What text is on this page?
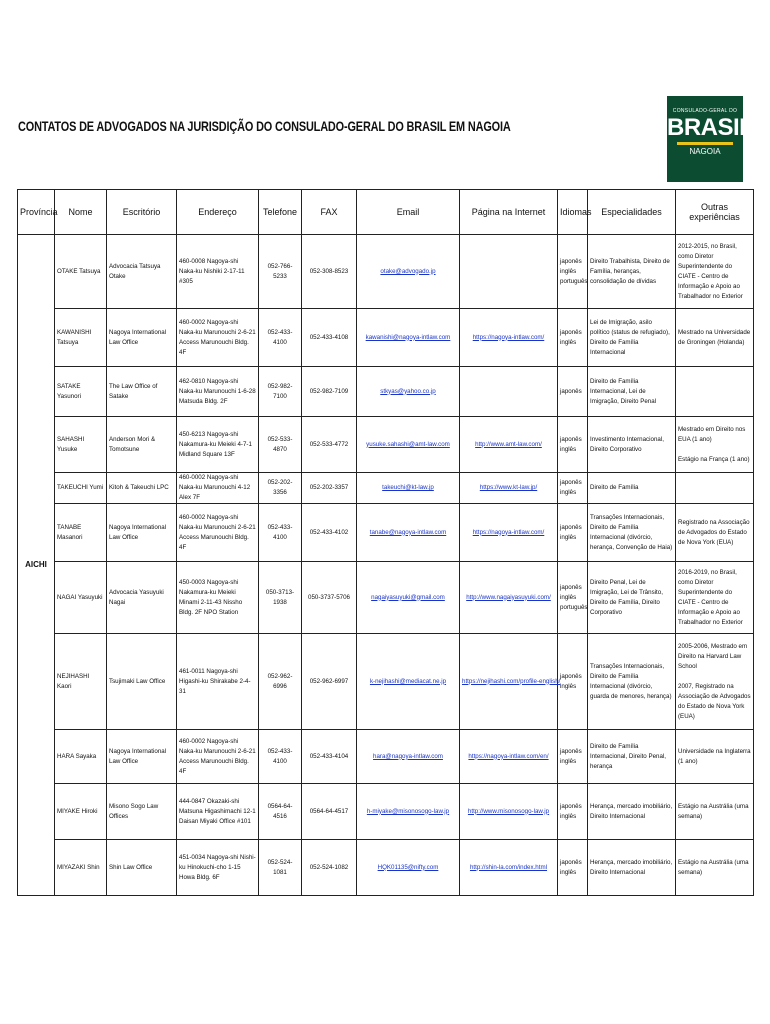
CONTATOS DE ADVOGADOS NA JURISDIÇÃO DO CONSULADO-GERAL DO BRASIL EM NAGOIA
CONSULADO-GERAL DO
BRASIL
NAGOIA
Província	Nome	Escritório	Endereço	Telefone	FAX	Email	Página na Internet	Idiomas	Especialidades	Outras experiências
AICHI	OTAKE Tatsuya	Advocacia Tatsuya Otake	460-0008 Nagoya-shi Naka-ku Nishiki 2-17-11 #305	052-766-5233	052-308-8523	otake@advogado.jp		japonês inglês português	Direito Trabalhista, Direito de Família, heranças, consolidação de dívidas	2012-2015, no Brasil, como Diretor Superintendente do CIATE - Centro de Informação e Apoio ao Trabalhador no Exterior
	KAWANISHI Tatsuya	Nagoya International Law Office	460-0002 Nagoya-shi Naka-ku Marunouchi 2-6-21 Access Marunouchi Bldg. 4F	052-433-4100	052-433-4108	kawanishi@nagoya-intlaw.com	https://nagoya-intlaw.com/	japonês inglês	Lei de Imigração, asilo político (status de refugiado), Direito de Família Internacional	Mestrado na Universidade de Groningen (Holanda)
	SATAKE Yasunori	The Law Office of Satake	462-0810 Nagoya-shi Naka-ku Marunouchi 1-6-28 Matsuda Bldg. 2F	052-982-7100	052-982-7109	stkyas@yahoo.co.jp		japonês	Direito de Família Internacional, Lei de Imigração, Direito Penal	
	SAHASHI Yusuke	Anderson Mori & Tomotsune	450-6213 Nagoya-shi Nakamura-ku Meieki 4-7-1 Midland Square 13F	052-533-4870	052-533-4772	yusuke.sahashi@amt-law.com	http://www.amt-law.com/	japonês inglês	Investimento Internacional, Direito Corporativo	Mestrado em Direito nos EUA (1 ano)

Estágio na França (1 ano)
	TAKEUCHI Yumi	Kitoh & Takeuchi LPC	460-0002 Nagoya-shi Naka-ku Marunouchi 4-12 Alex 7F	052-202-3356	052-202-3357	takeuchi@kt-law.jp	https://www.kt-law.jp/	japonês inglês	Direito de Família	
	TANABE Masanori	Nagoya International Law Office	460-0002 Nagoya-shi Naka-ku Marunouchi 2-6-21 Access Marunouchi Bldg. 4F	052-433-4100	052-433-4102	tanabe@nagoya-intlaw.com	https://nagoya-intlaw.com/	japonês inglês	Transações Internacionais, Direito de Família Internacional (divórcio, herança, Convenção de Haia)	Registrado na Associação de Advogados do Estado de Nova York (EUA)
	NAGAI Yasuyuki	Advocacia Yasuyuki Nagai	450-0003 Nagoya-shi Nakamura-ku Meieki Minami 2-11-43 Nissho Bldg. 2F NPO Station	050-3713-1938	050-3737-5706	nagaiyasuyuki@gmail.com	http://www.nagaiyasuyuki.com/	japonês inglês português	Direito Penal, Lei de Imigração, Lei de Trânsito, Direito de Família, Direito Corporativo	2016-2019, no Brasil, como Diretor Superintendente do CIATE - Centro de Informação e Apoio ao Trabalhador no Exterior
	NEJIHASHI Kaori	Tsujimaki Law Office	461-0011 Nagoya-shi Higashi-ku Shirakabe 2-4-31	052-962-6996	052-962-6997	k-nejihashi@mediacat.ne.jp	https://nejihashi.com/profile-english/	japonês inglês	Transações Internacionais, Direito de Família Internacional (divórcio, guarda de menores, herança)	2005-2006, Mestrado em Direito na Harvard Law School

2007, Registrado na Associação de Advogados do Estado de Nova York (EUA)
	HARA Sayaka	Nagoya International Law Office	460-0002 Nagoya-shi Naka-ku Marunouchi 2-6-21 Access Marunouchi Bldg. 4F	052-433-4100	052-433-4104	hara@nagoya-intlaw.com	https://nagoya-intlaw.com/en/	japonês inglês	Direito de Família Internacional, Direito Penal, herança	Universidade na Inglaterra (1 ano)
	MIYAKE Hiroki	Misono Sogo Law Offices	444-0847 Okazaki-shi Matsuna Higashimachi 12-1 Daisan Miyaki Office #101	0564-64-4516	0564-64-4517	h-miyake@misonosogo-law.jp	http://www.misonosogo-law.jp	japonês inglês	Herança, mercado imobiliário, Direito Internacional	Estágio na Austrália (uma semana)
	MIYAZAKI Shin	Shin Law Office	451-0034 Nagoya-shi Nishi-ku Hinokuchi-cho 1-15 Howa Bldg. 6F	052-524-1081	052-524-1082	HQK01135@nifty.com	http://shin-la.com/index.html	japonês inglês	Herança, mercado imobiliário, Direito Internacional	Estágio na Austrália (uma semana)
